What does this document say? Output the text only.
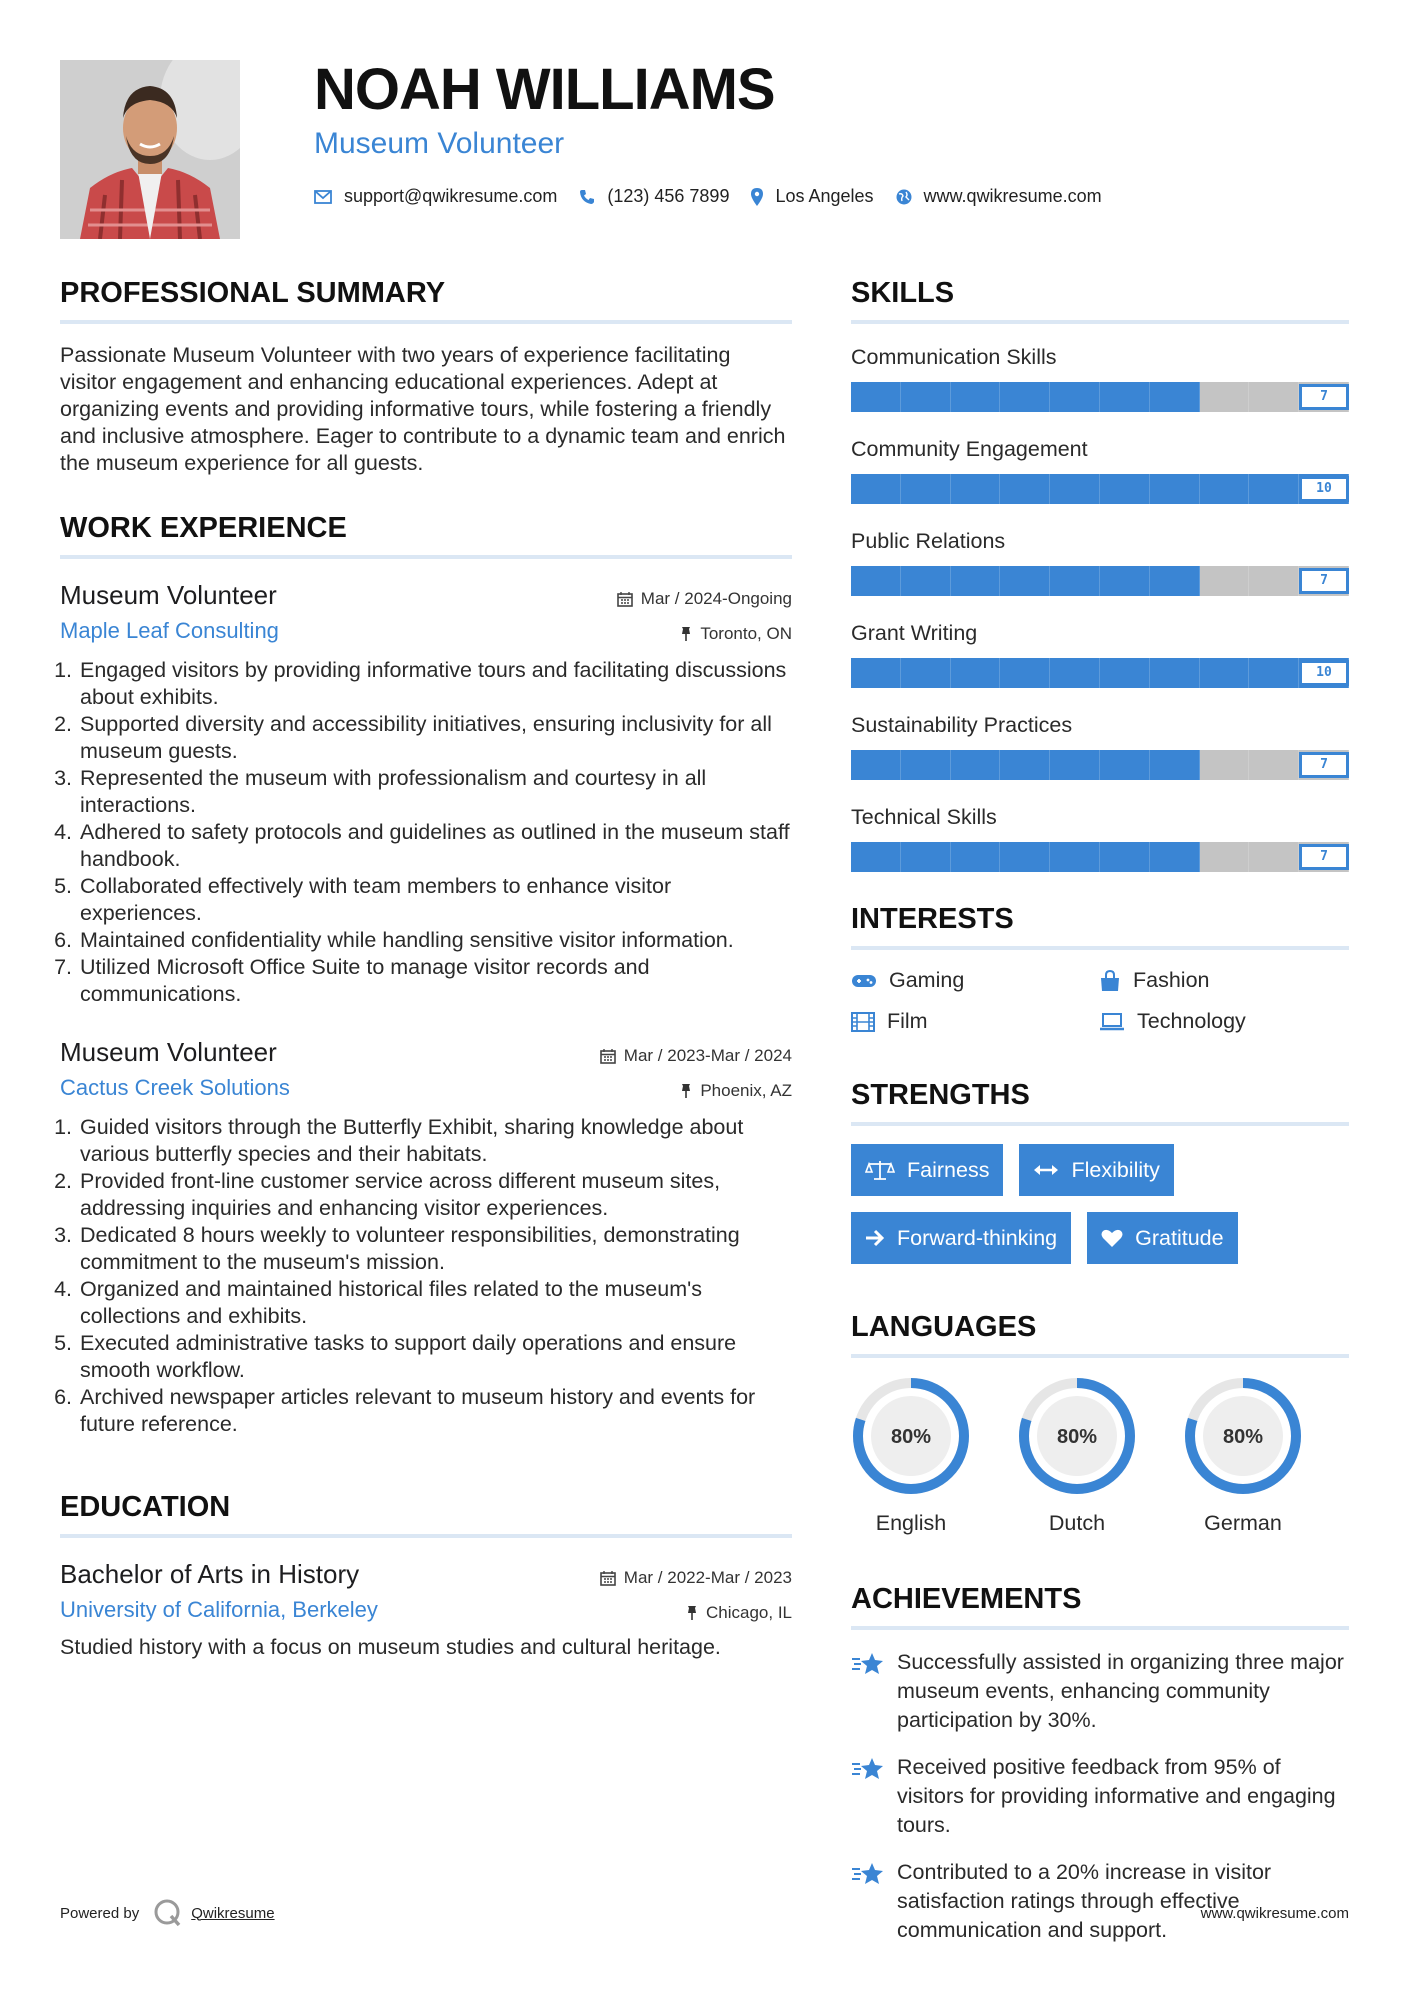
NOAH WILLIAMS
Museum Volunteer
support@qwikresume.com	(123) 456 7899	Los Angeles	www.qwikresume.com
PROFESSIONAL SUMMARY
Passionate Museum Volunteer with two years of experience facilitating visitor engagement and enhancing educational experiences. Adept at organizing events and providing informative tours, while fostering a friendly and inclusive atmosphere. Eager to contribute to a dynamic team and enrich the museum experience for all guests.
WORK EXPERIENCE
Museum Volunteer
Maple Leaf Consulting
Mar / 2024-Ongoing
Toronto, ON
1. Engaged visitors by providing informative tours and facilitating discussions about exhibits.
2. Supported diversity and accessibility initiatives, ensuring inclusivity for all museum guests.
3. Represented the museum with professionalism and courtesy in all interactions.
4. Adhered to safety protocols and guidelines as outlined in the museum staff handbook.
5. Collaborated effectively with team members to enhance visitor experiences.
6. Maintained confidentiality while handling sensitive visitor information.
7. Utilized Microsoft Office Suite to manage visitor records and communications.
Museum Volunteer
Cactus Creek Solutions
Mar / 2023-Mar / 2024
Phoenix, AZ
1. Guided visitors through the Butterfly Exhibit, sharing knowledge about various butterfly species and their habitats.
2. Provided front-line customer service across different museum sites, addressing inquiries and enhancing visitor experiences.
3. Dedicated 8 hours weekly to volunteer responsibilities, demonstrating commitment to the museum's mission.
4. Organized and maintained historical files related to the museum's collections and exhibits.
5. Executed administrative tasks to support daily operations and ensure smooth workflow.
6. Archived newspaper articles relevant to museum history and events for future reference.
EDUCATION
Bachelor of Arts in History
University of California, Berkeley
Mar / 2022-Mar / 2023
Chicago, IL
Studied history with a focus on museum studies and cultural heritage.
SKILLS
Communication Skills
7
Community Engagement
10
Public Relations
7
Grant Writing
10
Sustainability Practices
7
Technical Skills
7
INTERESTS
Gaming	Fashion
Film	Technology
STRENGTHS
Fairness	Flexibility
Forward-thinking	Gratitude
LANGUAGES
80%
English
80%
Dutch
80%
German
ACHIEVEMENTS
Successfully assisted in organizing three major museum events, enhancing community participation by 30%.
Received positive feedback from 95% of visitors for providing informative and engaging tours.
Contributed to a 20% increase in visitor satisfaction ratings through effective communication and support.
Powered by	Qwikresume	www.qwikresume.com
